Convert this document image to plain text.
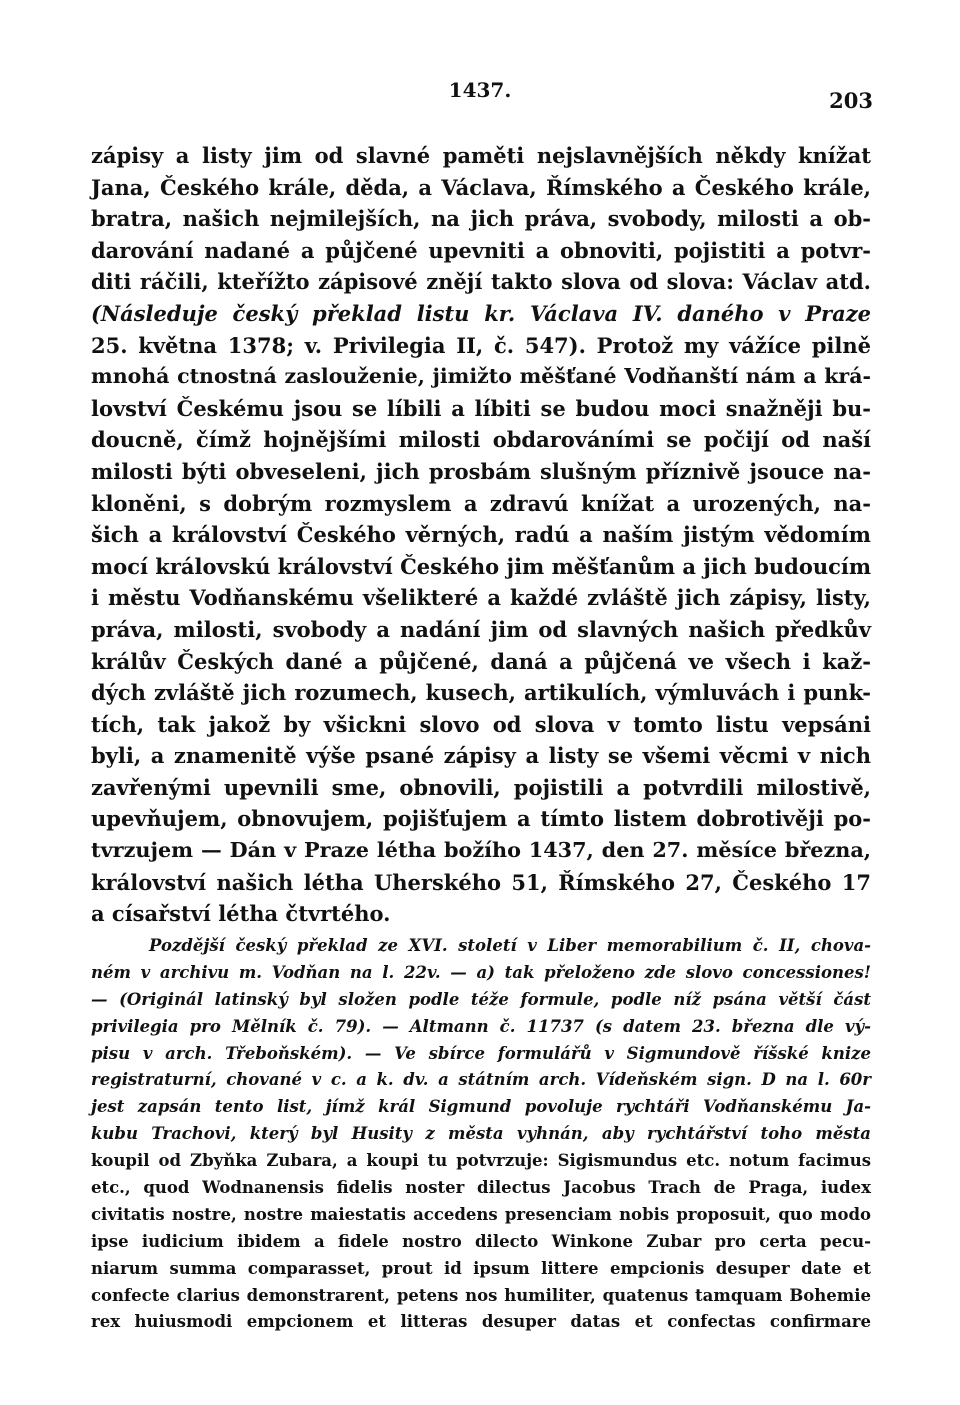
1437.	203
zápisy a listy jim od slavné paměti nejslavnějších někdy knížat
Jana, Českého krále, děda, a Václava, Římského a Českého krále,
bratra, našich nejmilejších, na jich práva, svobody, milosti a ob-
darování nadané a půjčené upevniti a obnoviti, pojistiti a potvr-
diti ráčili, kteřížto zápisové znějí takto slova od slova: Václav atd.
(Následuje český překlad listu kr. Václava IV. daného v Praze
25. května 1378; v. Privilegia II, č. 547). Protož my vážíce pilně
mnohá ctnostná zaslouženie, jimižto měšťané Vodňanští nám a krá-
lovství Českému jsou se líbili a líbiti se budou moci snažněji bu-
doucně, čímž hojnějšími milosti obdarováními se počijí od naší
milosti býti obveseleni, jich prosbám slušným příznivě jsouce na-
kloněni, s dobrým rozmyslem a zdravú knížat a urozených, na-
šich a království Českého věrných, radú a naším jistým vědomím
mocí královskú království Českého jim měšťanům a jich budoucím
i městu Vodňanskému všelikteré a každé zvláště jich zápisy, listy,
práva, milosti, svobody a nadání jim od slavných našich předkův
králův Českých dané a půjčené, daná a půjčená ve všech i kaž-
dých zvláště jich rozumech, kusech, artikulích, výmluvách i punk-
tích, tak jakož by všickni slovo od slova v tomto listu vepsáni
byli, a znamenitě výše psané zápisy a listy se všemi věcmi v nich
zavřenými upevnili sme, obnovili, pojistili a potvrdili milostivě,
upevňujem, obnovujem, pojišťujem a tímto listem dobrotivěji po-
tvrzujem — Dán v Praze létha božího 1437, den 27. měsíce března,
království našich létha Uherského 51, Římského 27, Českého 17
a císařství létha čtvrtého.
Pozdější český překlad ze XVI. století v Liber memorabilium č. II, chova-
ném v archivu m. Vodňan na l. 22v. — a) tak přeloženo zde slovo concessiones!
— (Originál latinský byl složen podle téže formule, podle níž psána větší část
privilegia pro Mělník č. 79). — Altmann č. 11737 (s datem 23. března dle vý-
pisu v arch. Třeboňském). — Ve sbírce formulářů v Sigmundově říšské knize
registraturní, chované v c. a k. dv. a státním arch. Vídeňském sign. D na l. 60r
jest zapsán tento list, jímž král Sigmund povoluje rychtáři Vodňanskému Ja-
kubu Trachovi, který byl Husity z města vyhnán, aby rychtářství toho města
koupil od Zbyňka Zubara, a koupi tu potvrzuje: Sigismundus etc. notum facimus
etc., quod Wodnanensis fidelis noster dilectus Jacobus Trach de Praga, iudex
civitatis nostre, nostre maiestatis accedens presenciam nobis proposuit, quo modo
ipse iudicium ibidem a fidele nostro dilecto Winkone Zubar pro certa pecu-
niarum summa comparasset, prout id ipsum littere empcionis desuper date et
confecte clarius demonstrarent, petens nos humiliter, quatenus tamquam Bohemie
rex huiusmodi empcionem et litteras desuper datas et confectas confirmare
